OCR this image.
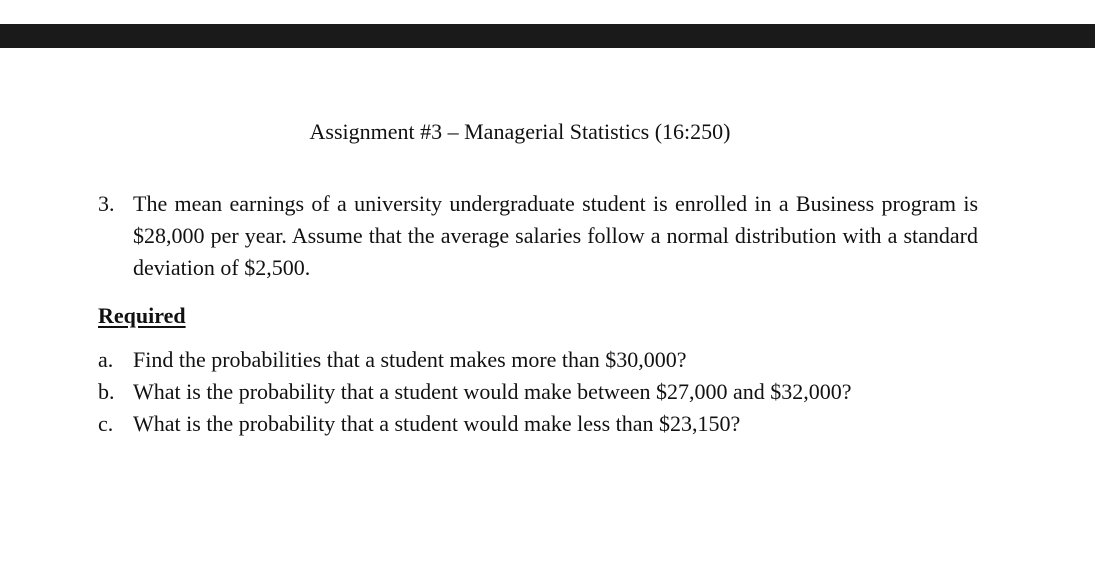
Assignment #3 – Managerial Statistics (16:250)
3. The mean earnings of a university undergraduate student is enrolled in a Business program is $28,000 per year. Assume that the average salaries follow a normal distribution with a standard deviation of $2,500.
Required
a. Find the probabilities that a student makes more than $30,000?
b. What is the probability that a student would make between $27,000 and $32,000?
c. What is the probability that a student would make less than $23,150?
